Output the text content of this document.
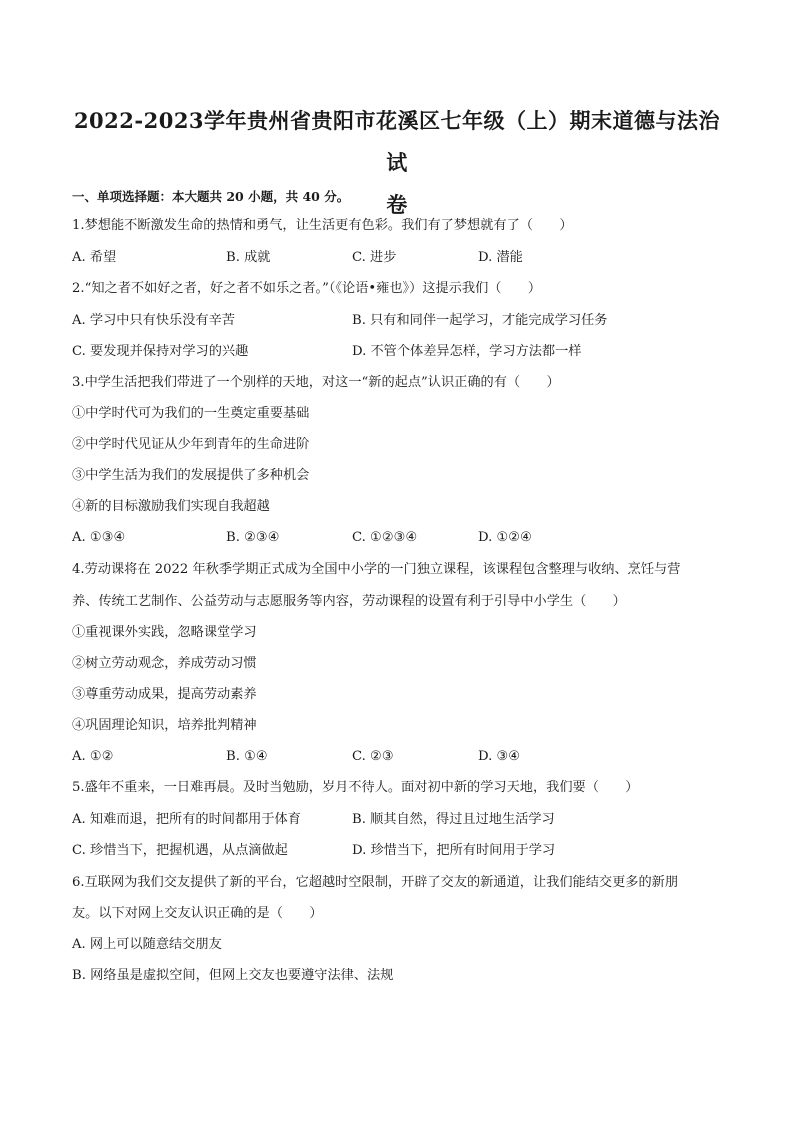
2022-2023学年贵州省贵阳市花溪区七年级（上）期末道德与法治试
卷
一、单项选择题：本大题共 20 小题，共 40 分。
1.梦想能不断激发生命的热情和勇气，让生活更有色彩。我们有了梦想就有了（　　）
A. 希望	B. 成就	C. 进步	D. 潜能
2.“知之者不如好之者，好之者不如乐之者。”（《论语•雍也》）这提示我们（　　）
A. 学习中只有快乐没有辛苦	B. 只有和同伴一起学习，才能完成学习任务
C. 要发现并保持对学习的兴趣	D. 不管个体差异怎样，学习方法都一样
3.中学生活把我们带进了一个别样的天地，对这一“新的起点”认识正确的有（　　）
①中学时代可为我们的一生奠定重要基础
②中学时代见证从少年到青年的生命进阶
③中学生活为我们的发展提供了多种机会
④新的目标激励我们实现自我超越
A. ①③④	B. ②③④	C. ①②③④	D. ①②④
4.劳动课将在 2022 年秋季学期正式成为全国中小学的一门独立课程，该课程包含整理与收纳、烹饪与营
养、传统工艺制作、公益劳动与志愿服务等内容，劳动课程的设置有利于引导中小学生（　　）
①重视课外实践，忽略课堂学习
②树立劳动观念，养成劳动习惯
③尊重劳动成果，提高劳动素养
④巩固理论知识，培养批判精神
A. ①②	B. ①④	C. ②③	D. ③④
5.盛年不重来，一日难再晨。及时当勉励，岁月不待人。面对初中新的学习天地，我们要（　　）
A. 知难而退，把所有的时间都用于体育	B. 顺其自然，得过且过地生活学习
C. 珍惜当下，把握机遇，从点滴做起	D. 珍惜当下，把所有时间用于学习
6.互联网为我们交友提供了新的平台，它超越时空限制，开辟了交友的新通道，让我们能结交更多的新朋
友。以下对网上交友认识正确的是（　　）
A. 网上可以随意结交朋友
B. 网络虽是虚拟空间，但网上交友也要遵守法律、法规
